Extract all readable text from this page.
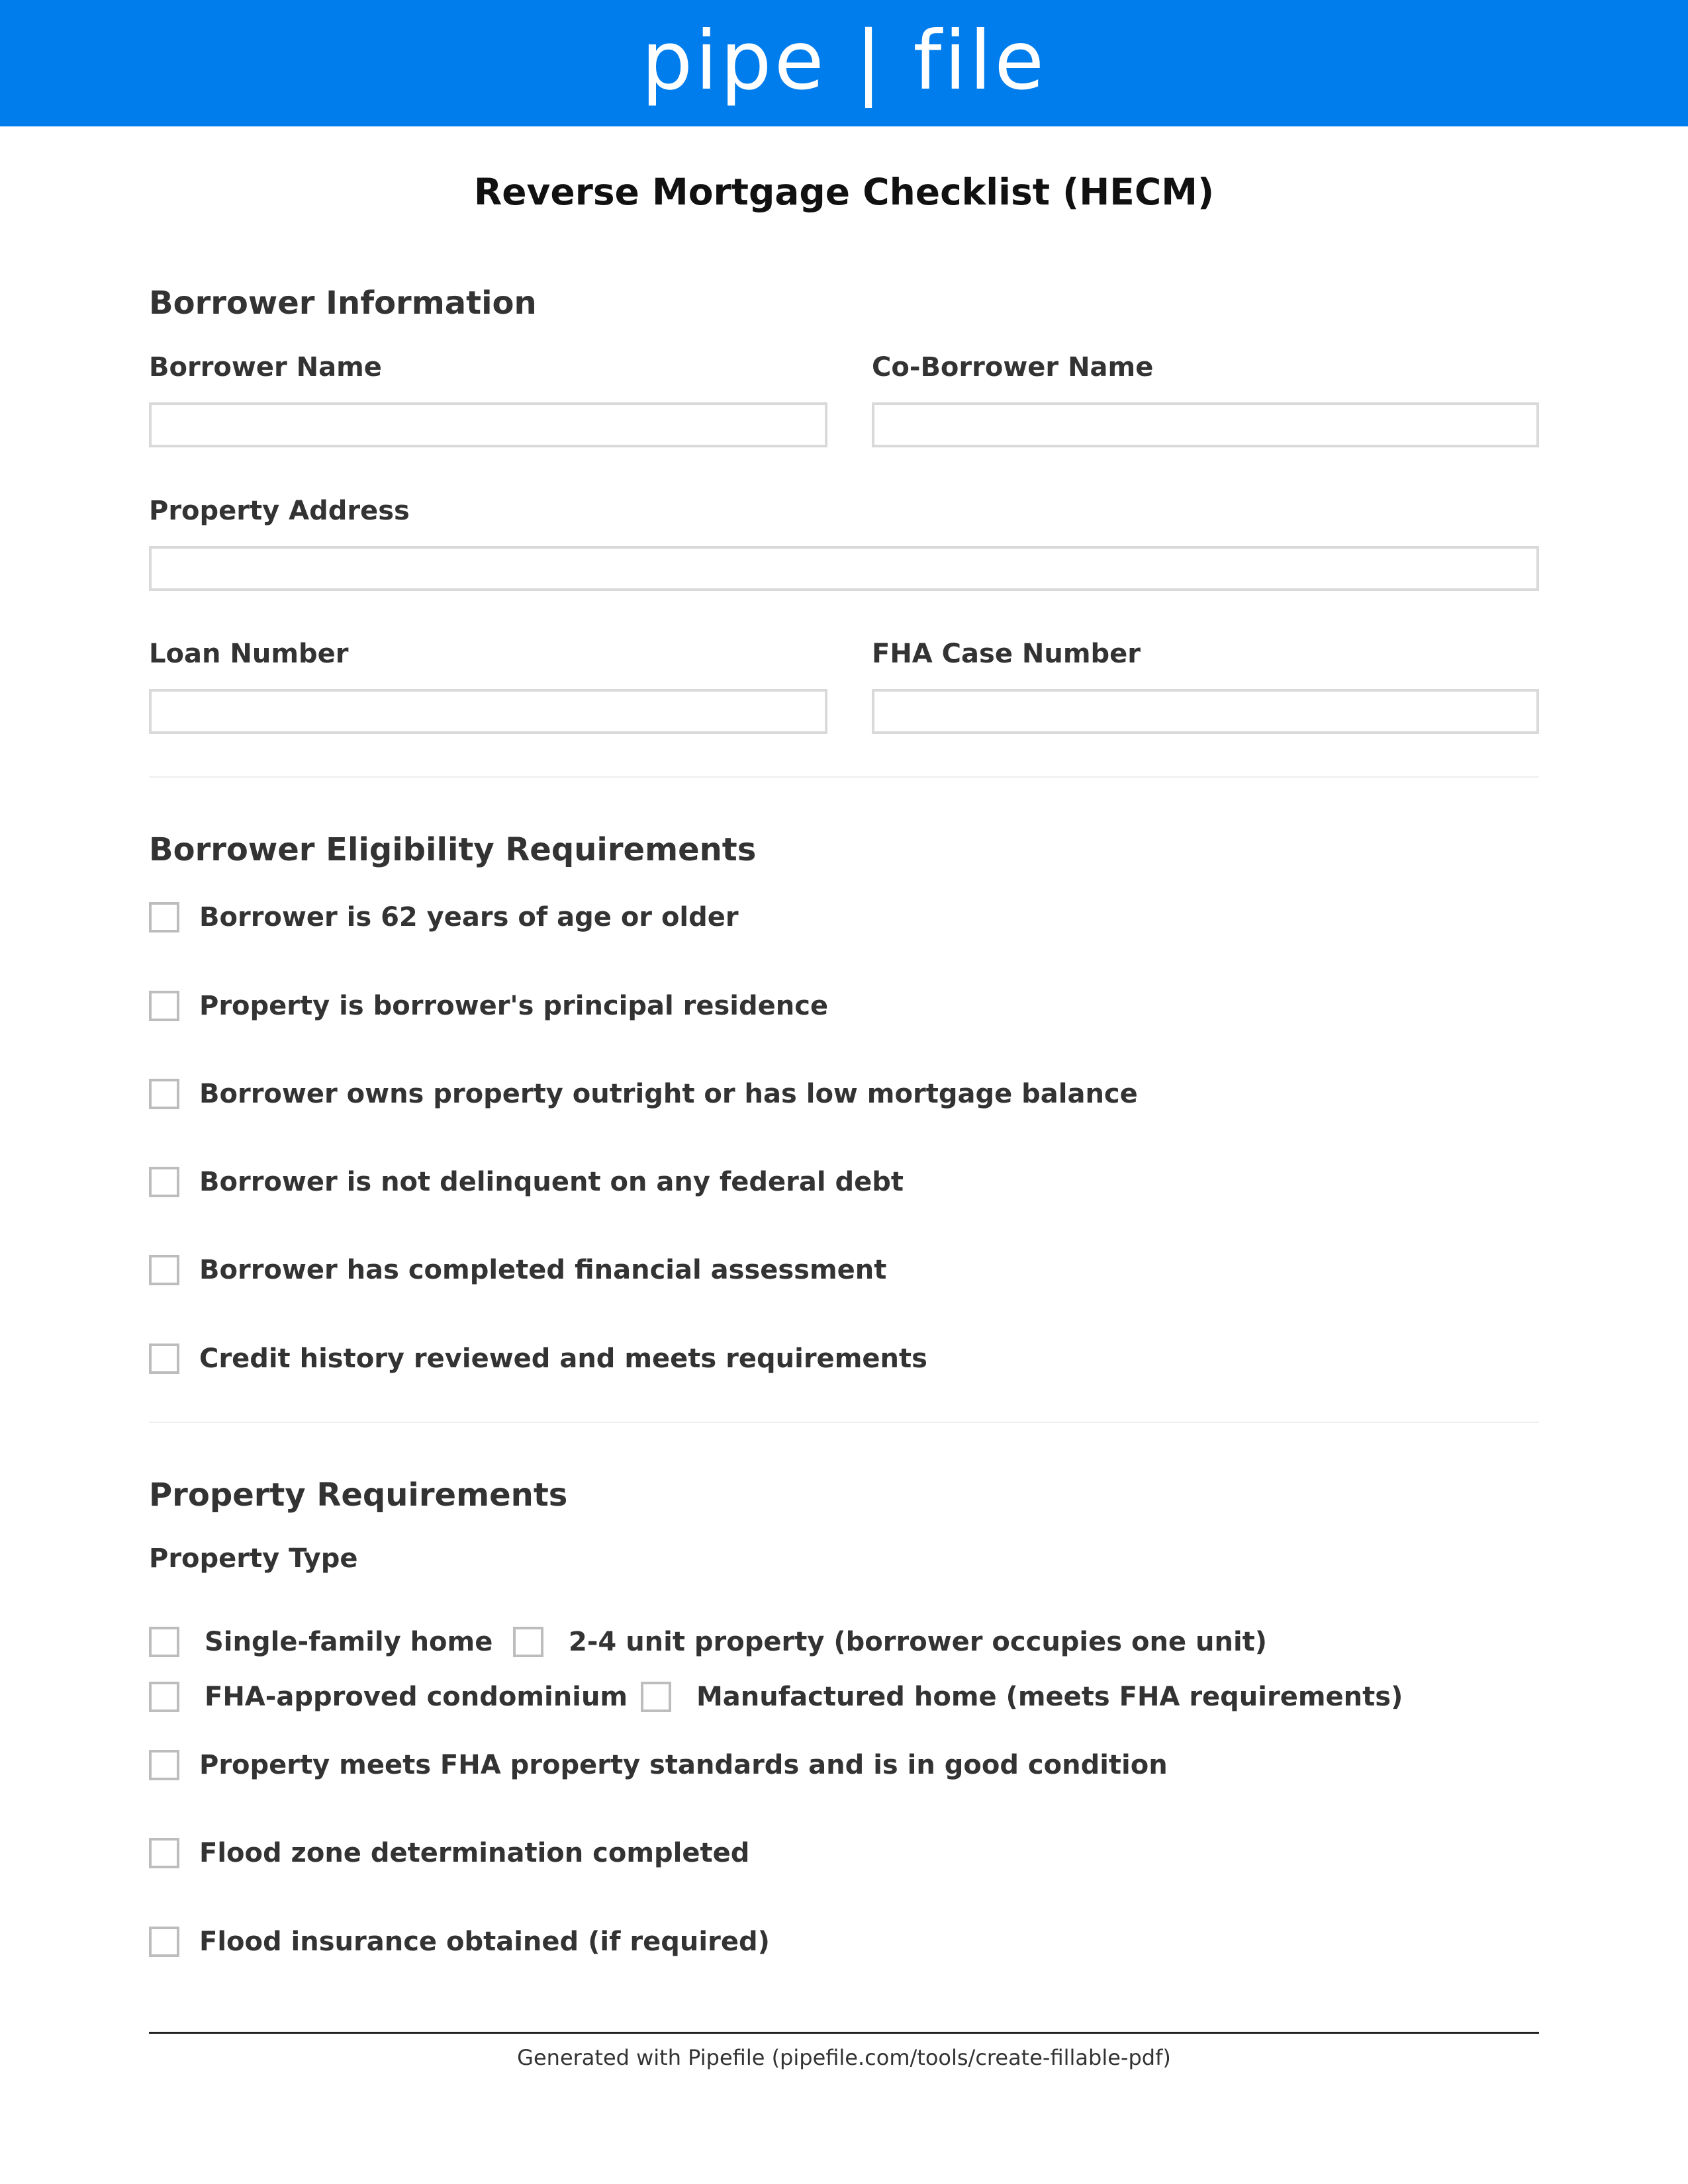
pipe | file
Reverse Mortgage Checklist (HECM)
Borrower Information
Borrower Name	Co-Borrower Name
Property Address
Loan Number	FHA Case Number
Borrower Eligibility Requirements
Borrower is 62 years of age or older
Property is borrower's principal residence
Borrower owns property outright or has low mortgage balance
Borrower is not delinquent on any federal debt
Borrower has completed financial assessment
Credit history reviewed and meets requirements
Property Requirements
Property Type
Single-family home	2-4 unit property (borrower occupies one unit)
FHA-approved condominium	Manufactured home (meets FHA requirements)
Property meets FHA property standards and is in good condition
Flood zone determination completed
Flood insurance obtained (if required)
Generated with Pipefile (pipefile.com/tools/create-fillable-pdf)
